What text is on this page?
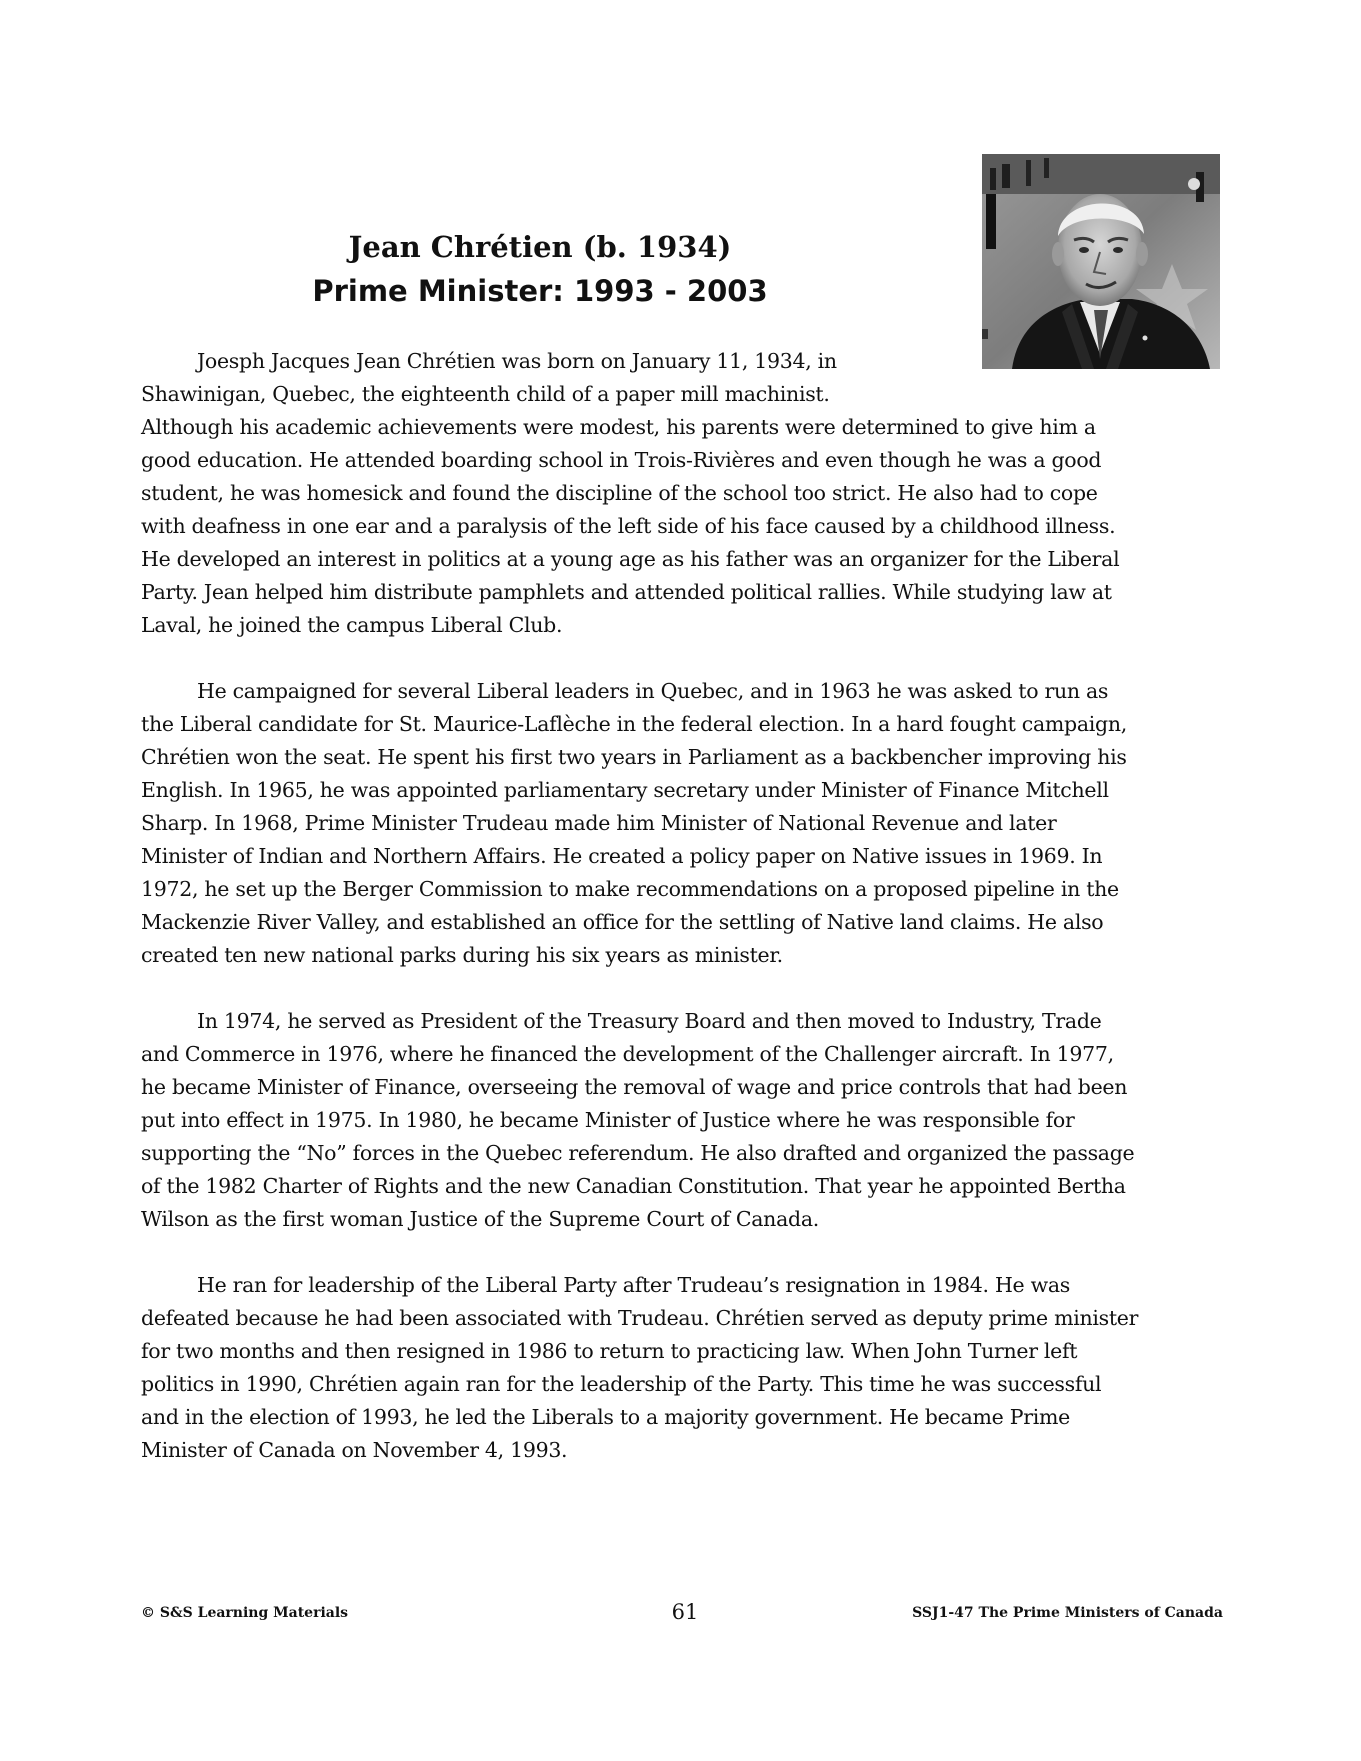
Jean Chrétien (b. 1934)
Prime Minister: 1993 - 2003

Joesph Jacques Jean Chrétien was born on January 11, 1934, in
Shawinigan, Quebec, the eighteenth child of a paper mill machinist.
Although his academic achievements were modest, his parents were determined to give him a
good education. He attended boarding school in Trois-Rivières and even though he was a good
student, he was homesick and found the discipline of the school too strict. He also had to cope
with deafness in one ear and a paralysis of the left side of his face caused by a childhood illness.
He developed an interest in politics at a young age as his father was an organizer for the Liberal
Party. Jean helped him distribute pamphlets and attended political rallies. While studying law at
Laval, he joined the campus Liberal Club.

He campaigned for several Liberal leaders in Quebec, and in 1963 he was asked to run as
the Liberal candidate for St. Maurice-Laflèche in the federal election. In a hard fought campaign,
Chrétien won the seat. He spent his first two years in Parliament as a backbencher improving his
English. In 1965, he was appointed parliamentary secretary under Minister of Finance Mitchell
Sharp. In 1968, Prime Minister Trudeau made him Minister of National Revenue and later
Minister of Indian and Northern Affairs. He created a policy paper on Native issues in 1969. In
1972, he set up the Berger Commission to make recommendations on a proposed pipeline in the
Mackenzie River Valley, and established an office for the settling of Native land claims. He also
created ten new national parks during his six years as minister.

In 1974, he served as President of the Treasury Board and then moved to Industry, Trade
and Commerce in 1976, where he financed the development of the Challenger aircraft. In 1977,
he became Minister of Finance, overseeing the removal of wage and price controls that had been
put into effect in 1975. In 1980, he became Minister of Justice where he was responsible for
supporting the “No” forces in the Quebec referendum. He also drafted and organized the passage
of the 1982 Charter of Rights and the new Canadian Constitution. That year he appointed Bertha
Wilson as the first woman Justice of the Supreme Court of Canada.

He ran for leadership of the Liberal Party after Trudeau’s resignation in 1984. He was
defeated because he had been associated with Trudeau. Chrétien served as deputy prime minister
for two months and then resigned in 1986 to return to practicing law. When John Turner left
politics in 1990, Chrétien again ran for the leadership of the Party. This time he was successful
and in the election of 1993, he led the Liberals to a majority government. He became Prime
Minister of Canada on November 4, 1993.

© S&S Learning Materials	61	SSJ1-47 The Prime Ministers of Canada
